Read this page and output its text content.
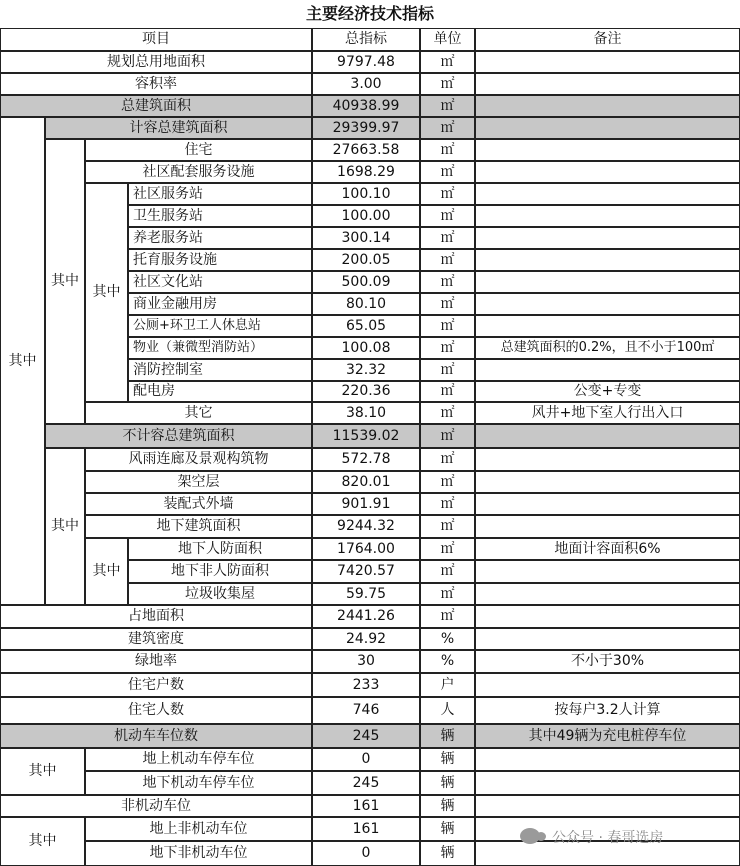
主要经济技术指标
项目	总指标	单位	备注
规划总用地面积	9797.48	㎡
容积率	3.00	㎡
总建筑面积	40938.99	㎡
其中
计容总建筑面积	29399.97	㎡
其中
住宅	27663.58	㎡
社区配套服务设施	1698.29	㎡
其中
社区服务站	100.10	㎡
卫生服务站	100.00	㎡
养老服务站	300.14	㎡
托育服务设施	200.05	㎡
社区文化站	500.09	㎡
商业金融用房	80.10	㎡
公厕+环卫工人休息站	65.05	㎡
物业（兼微型消防站）	100.08	㎡	总建筑面积的0.2%，且不小于100㎡
消防控制室	32.32	㎡
配电房	220.36	㎡	公变+专变
其它	38.10	㎡	风井+地下室人行出入口
不计容总建筑面积	11539.02	㎡
其中
风雨连廊及景观构筑物	572.78	㎡
架空层	820.01	㎡
装配式外墙	901.91	㎡
地下建筑面积	9244.32	㎡
其中
地下人防面积	1764.00	㎡	地面计容面积6%
地下非人防面积	7420.57	㎡
垃圾收集屋	59.75	㎡
占地面积	2441.26	㎡
建筑密度	24.92	%
绿地率	30	%	不小于30%
住宅户数	233	户
住宅人数	746	人	按每户3.2人计算
机动车车位数	245	辆	其中49辆为充电桩停车位
其中
地上机动车停车位	0	辆
地下机动车停车位	245	辆
非机动车位	161	辆
其中
地上非机动车位	161	辆
地下非机动车位	0	辆
公众号 · 春哥选房
